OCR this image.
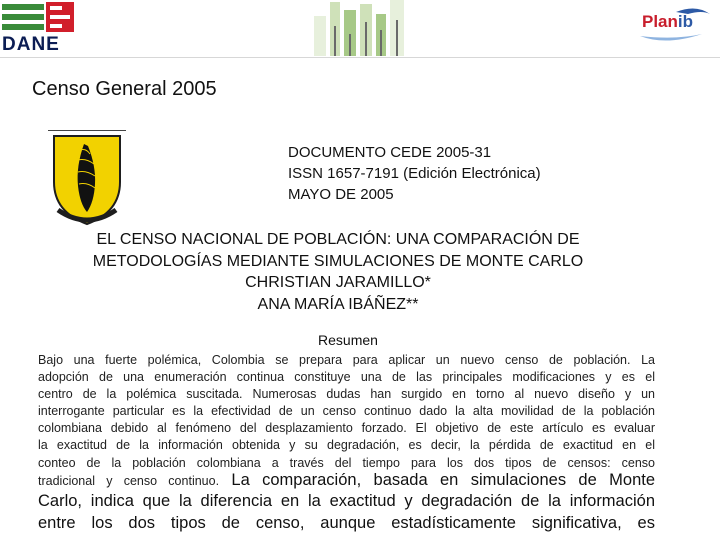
DANE
Planib
Censo General 2005
DOCUMENTO CEDE 2005-31
ISSN 1657-7191 (Edición Electrónica)
MAYO DE 2005
EL CENSO NACIONAL DE POBLACIÓN: UNA COMPARACIÓN DE
METODOLOGÍAS MEDIANTE SIMULACIONES DE MONTE CARLO
CHRISTIAN JARAMILLO*
ANA MARÍA IBÁÑEZ**
Resumen
Bajo una fuerte polémica, Colombia se prepara para aplicar un nuevo censo de población. La
adopción de una enumeración continua constituye una de las principales modificaciones y es el
centro de la polémica suscitada. Numerosas dudas han surgido en torno al nuevo diseño y un
interrogante particular es la efectividad de un censo continuo dado la alta movilidad de la población
colombiana debido al fenómeno del desplazamiento forzado. El objetivo de este artículo es evaluar
la exactitud de la información obtenida y su degradación, es decir, la pérdida de exactitud en el
conteo de la población colombiana a través del tiempo para los dos tipos de censos: censo
tradicional y censo continuo. La comparación, basada en simulaciones de Monte
Carlo, indica que la diferencia en la exactitud y degradación de la información
entre los dos tipos de censo, aunque estadísticamente significativa, es
